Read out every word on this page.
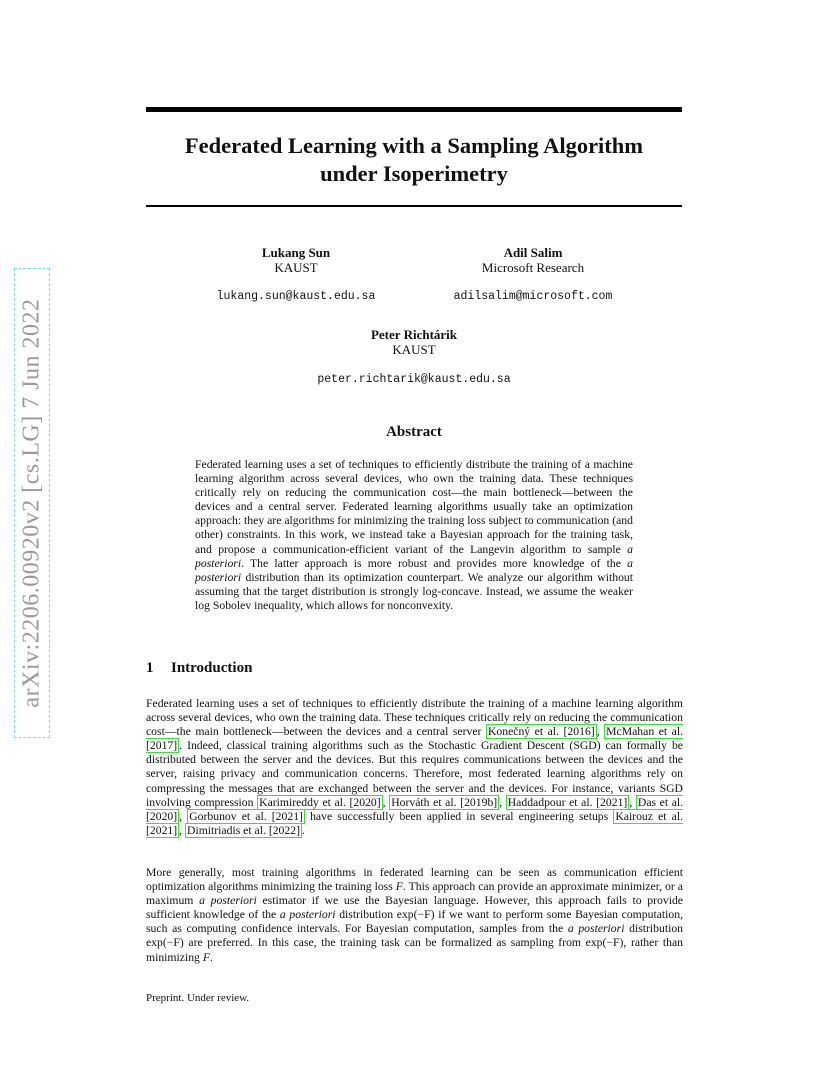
arXiv:2206.00920v2 [cs.LG] 7 Jun 2022
Federated Learning with a Sampling Algorithm
under Isoperimetry
Lukang Sun
KAUST
lukang.sun@kaust.edu.sa
Adil Salim
Microsoft Research
adilsalim@microsoft.com
Peter Richtárik
KAUST
peter.richtarik@kaust.edu.sa
Abstract

Federated learning uses a set of techniques to efficiently distribute the training of a machine learning algorithm across several devices, who own the training data. These techniques critically rely on reducing the communication cost—the main bottleneck—between the devices and a central server. Federated learning algorithms usually take an optimization approach: they are algorithms for minimizing the training loss subject to communication (and other) constraints. In this work, we instead take a Bayesian approach for the training task, and propose a communication-efficient variant of the Langevin algorithm to sample a posteriori. The latter approach is more robust and provides more knowledge of the a posteriori distribution than its optimization counterpart. We analyze our algorithm without assuming that the target distribution is strongly log-concave. Instead, we assume the weaker log Sobolev inequality, which allows for nonconvexity.

1 Introduction

Federated learning uses a set of techniques to efficiently distribute the training of a machine learning algorithm across several devices, who own the training data. These techniques critically rely on reducing the communication cost—the main bottleneck—between the devices and a central server Konečný et al. [2016] , McMahan et al. [2017] . Indeed, classical training algorithms such as the Stochastic Gradient Descent (SGD) can formally be distributed between the server and the devices. But this requires communications between the devices and the server, raising privacy and communication concerns. Therefore, most federated learning algorithms rely on compressing the messages that are exchanged between the server and the devices. For instance, variants SGD involving compression Karimireddy et al. [2020] , Horváth et al. [2019b] , Haddadpour et al. [2021] , Das et al. [2020] , Gorbunov et al. [2021] have successfully been applied in several engineering setups Kairouz et al. [2021] , Dimitriadis et al. [2022] .

More generally, most training algorithms in federated learning can be seen as communication efficient optimization algorithms minimizing the training loss F. This approach can provide an approximate minimizer, or a maximum a posteriori estimator if we use the Bayesian language. However, this approach fails to provide sufficient knowledge of the a posteriori distribution exp(−F) if we want to perform some Bayesian computation, such as computing confidence intervals. For Bayesian computation, samples from the a posteriori distribution exp(−F) are preferred. In this case, the training task can be formalized as sampling from exp(−F), rather than minimizing F.

Preprint. Under review.
